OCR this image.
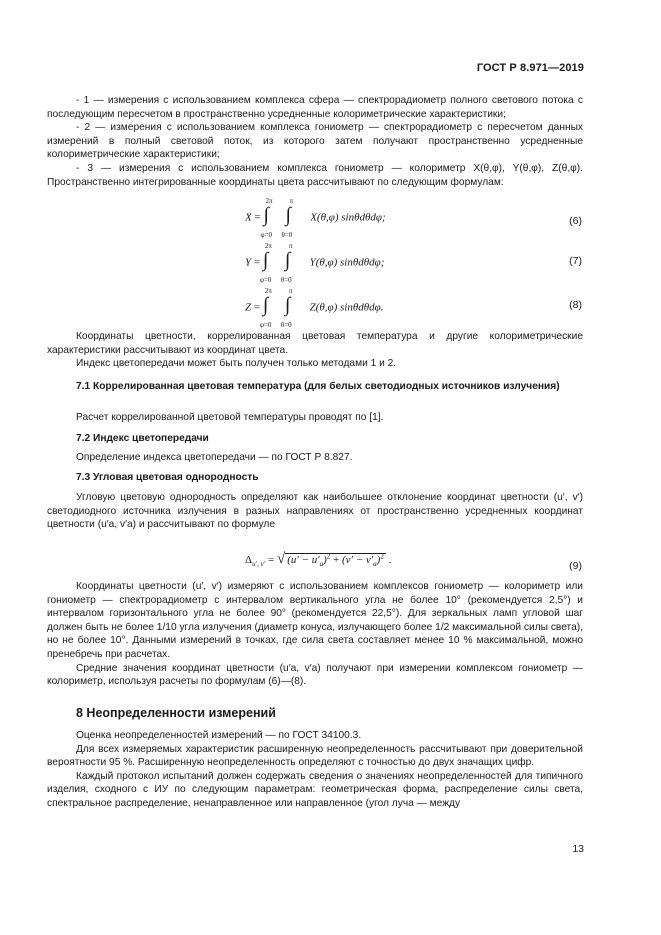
ГОСТ Р 8.971—2019

- 1 — измерения с использованием комплекса сфера — спектрорадиометр полного светового потока с последующим пересчетом в пространственно усредненные колориметрические характеристики;

- 2 — измерения с использованием комплекса гониометр — спектрорадиометр с пересчетом данных измерений в полный световой поток, из которого затем получают пространственно усредненные колориметрические характеристики;

- 3 — измерения с использованием комплекса гониометр — колориметр X(θ,φ), Y(θ,φ), Z(θ,φ). Пространственно интегрированные координаты цвета рассчитывают по следующим формулам:

X =
2π
∫
φ=0
π
∫
θ=0
X(θ,φ) sinθdθdφ;	(6)
Y =
2π
∫
φ=0
π
∫
θ=0
Y(θ,φ) sinθdθdφ;	(7)
Z =
2π
∫
φ=0
π
∫
θ=0
Z(θ,φ) sinθdθdφ.	(8)

Координаты цветности, коррелированная цветовая температура и другие колориметрические характеристики рассчитывают из координат цвета.

Индекс цветопередачи может быть получен только методами 1 и 2.

7.1 Коррелированная цветовая температура (для белых светодиодных источников излучения)

Расчет коррелированной цветовой температуры проводят по [1].

7.2 Индекс цветопередачи

Определение индекса цветопередачи — по ГОСТ Р 8.827.

7.3 Угловая цветовая однородность

Угловую цветовую однородность определяют как наибольшее отклонение координат цветности (u′, v′) светодиодного источника излучения в разных направлениях от пространственно усредненных координат цветности (u′a, v′a) и рассчитывают по формуле

$\Delta_{u', v'}$ = √ $(u' - u'_a)^2 + (v' - v'_a)^2$ .	(9)

Координаты цветности (u′, v′) измеряют с использованием комплексов гониометр — колориметр или гониометр — спектрорадиометр с интервалом вертикального угла не более 10° (рекомендуется 2,5°) и интервалом горизонтального угла не более 90° (рекомендуется 22,5°). Для зеркальных ламп угловой шаг должен быть не более 1/10 угла излучения (диаметр конуса, излучающего более 1/2 максимальной силы света), но не более 10°. Данными измерений в точках, где сила света составляет менее 10 % максимальной, можно пренебречь при расчетах.

Средние значения координат цветности (u′a, v′a) получают при измерении комплексом гониометр — колориметр, используя расчеты по формулам (6)—(8).

8 Неопределенности измерений

Оценка неопределенностей измерений — по ГОСТ 34100.3.

Для всех измеряемых характеристик расширенную неопределенность рассчитывают при доверительной вероятности 95 %. Расширенную неопределенность определяют с точностью до двух значащих цифр.

Каждый протокол испытаний должен содержать сведения о значениях неопределенностей для типичного изделия, сходного с ИУ по следующим параметрам: геометрическая форма, распределение силы света, спектральное распределение, ненаправленное или направленное (угол луча — между

13
